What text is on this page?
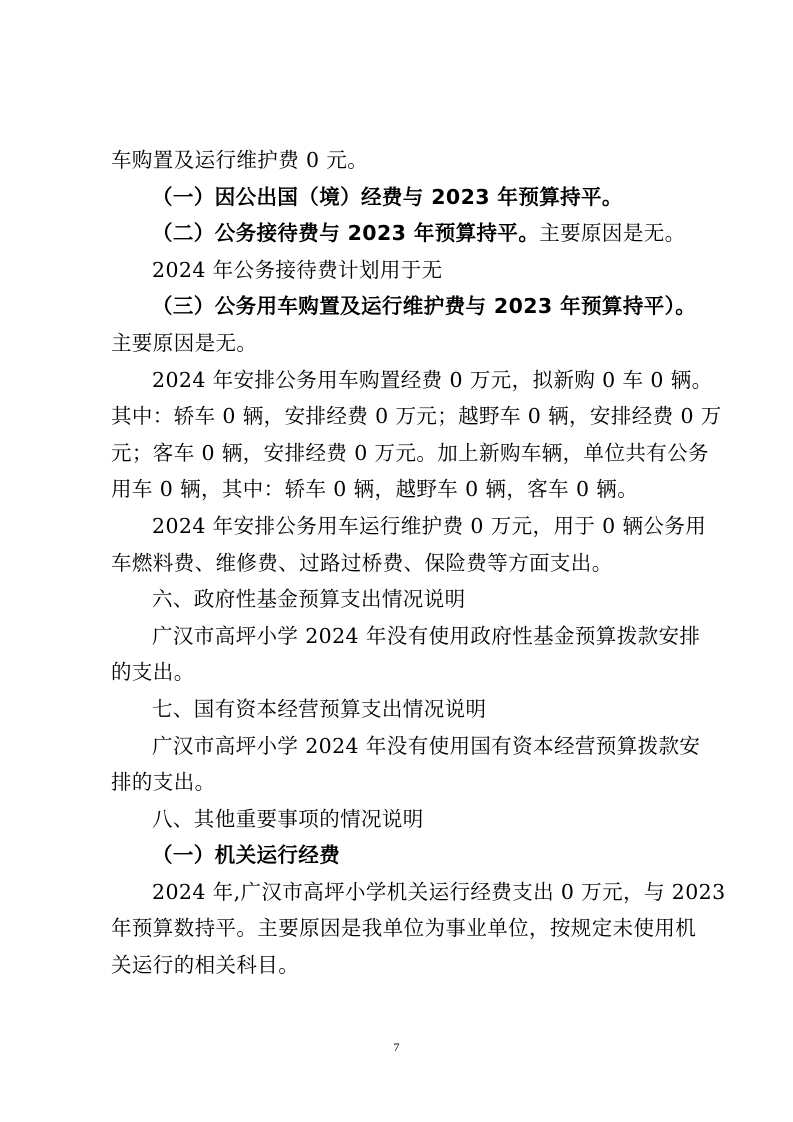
车购置及运行维护费 0 元。
（一）因公出国（境）经费与 2023 年预算持平。
（二）公务接待费与 2023 年预算持平。主要原因是无。
2024 年公务接待费计划用于无
（三）公务用车购置及运行维护费与 2023 年预算持平）。
主要原因是无。
2024 年安排公务用车购置经费 0 万元，拟新购 0 车 0 辆。
其中：轿车 0 辆，安排经费 0 万元；越野车 0 辆，安排经费 0 万
元；客车 0 辆，安排经费 0 万元。加上新购车辆，单位共有公务
用车 0 辆，其中：轿车 0 辆，越野车 0 辆，客车 0 辆。
2024 年安排公务用车运行维护费 0 万元，用于 0 辆公务用
车燃料费、维修费、过路过桥费、保险费等方面支出。
六、政府性基金预算支出情况说明
广汉市高坪小学 2024 年没有使用政府性基金预算拨款安排
的支出。
七、国有资本经营预算支出情况说明
广汉市高坪小学 2024 年没有使用国有资本经营预算拨款安
排的支出。
八、其他重要事项的情况说明
（一）机关运行经费
2024 年,广汉市高坪小学机关运行经费支出 0 万元，与 2023
年预算数持平。主要原因是我单位为事业单位，按规定未使用机
关运行的相关科目。
7
